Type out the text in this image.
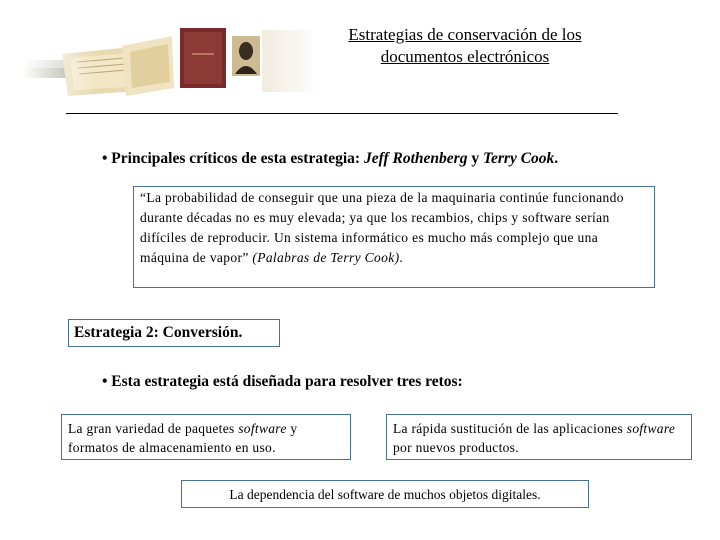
Estrategias de conservación de los
documentos electrónicos
• Principales críticos de esta estrategia: Jeff Rothenberg y Terry Cook.
“La probabilidad de conseguir que una pieza de la maquinaria continúe funcionando durante décadas no es muy elevada; ya que los recambios, chips y software serían difíciles de reproducir. Un sistema informático es mucho más complejo que una máquina de vapor” (Palabras de Terry Cook).
Estrategia 2: Conversión.
• Esta estrategia está diseñada para resolver tres retos:
La gran variedad de paquetes software y formatos de almacenamiento en uso.
La rápida sustitución de las aplicaciones software por nuevos productos.
La dependencia del software de muchos objetos digitales.
